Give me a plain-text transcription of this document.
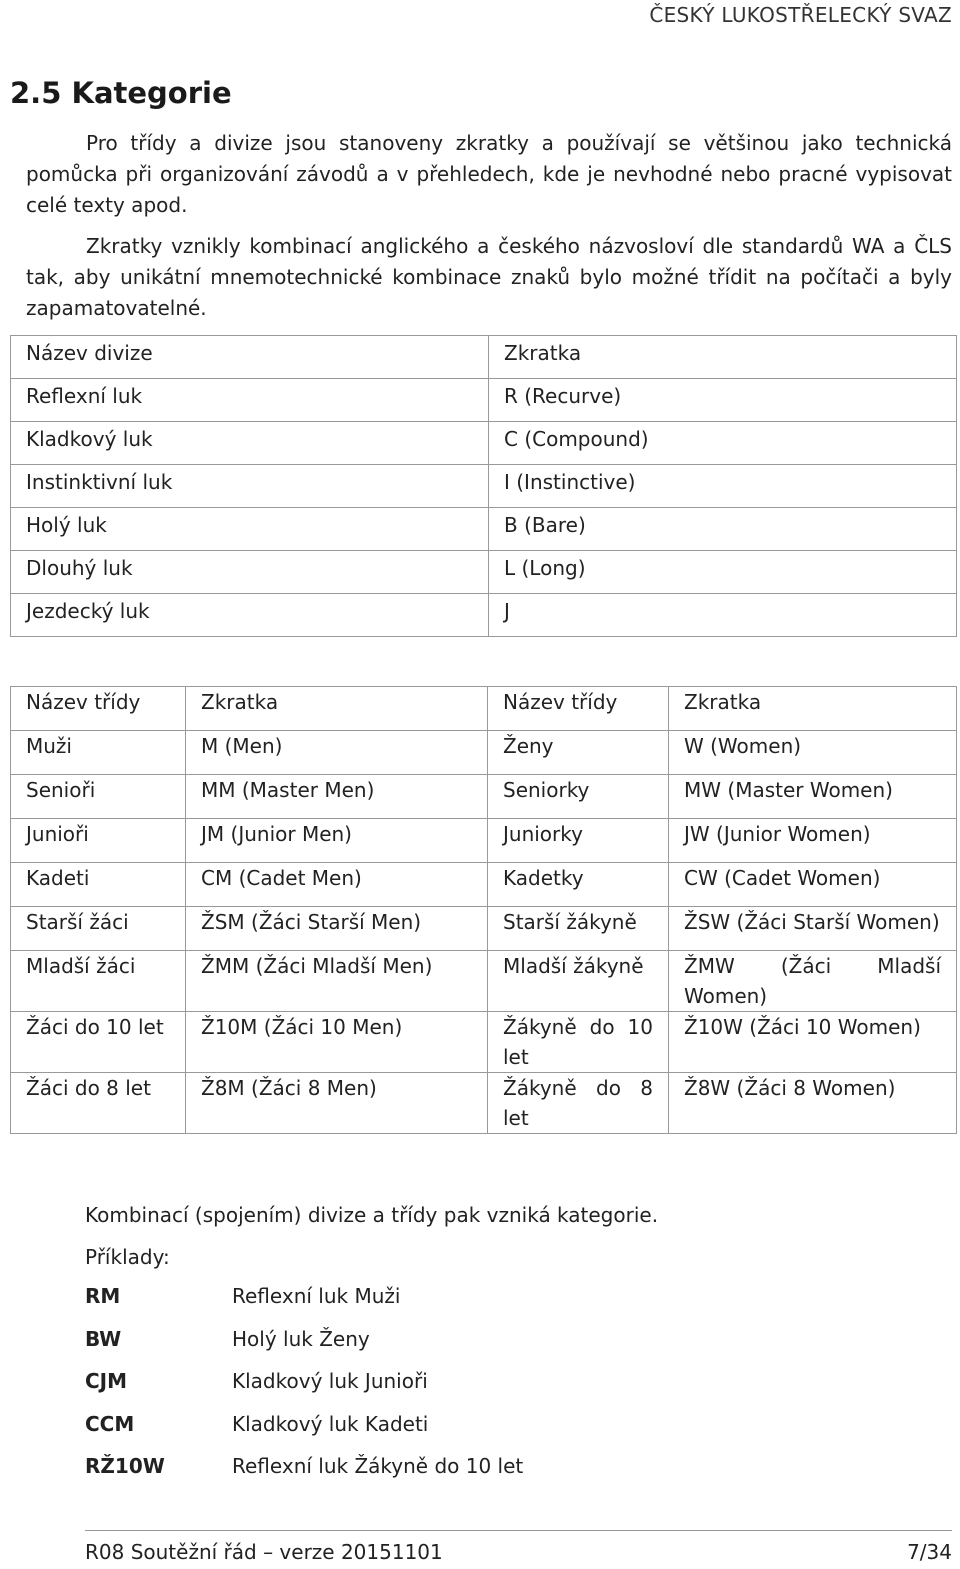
ČESKÝ LUKOSTŘELECKÝ SVAZ
2.5 Kategorie

Pro třídy a divize jsou stanoveny zkratky a používají se většinou jako technická pomůcka při organizování závodů a v přehledech, kde je nevhodné nebo pracné vypisovat celé texty apod.

Zkratky vznikly kombinací anglického a českého názvosloví dle standardů WA a ČLS tak, aby unikátní mnemotechnické kombinace znaků bylo možné třídit na počítači a byly zapamatovatelné.

Název divize	Zkratka
Reflexní luk	R (Recurve)
Kladkový luk	C (Compound)
Instinktivní luk	I (Instinctive)
Holý luk	B (Bare)
Dlouhý luk	L (Long)
Jezdecký luk	J
Název třídy	Zkratka	Název třídy	Zkratka
Muži	M (Men)	Ženy	W (Women)
Senioři	MM (Master Men)	Seniorky	MW (Master Women)
Junioři	JM (Junior Men)	Juniorky	JW (Junior Women)
Kadeti	CM (Cadet Men)	Kadetky	CW (Cadet Women)
Starší žáci	ŽSM (Žáci Starší Men)	Starší žákyně	ŽSW (Žáci Starší Women)
Mladší žáci	ŽMM (Žáci Mladší Men)	Mladší žákyně	ŽMW (Žáci Mladší Women)
Žáci do 10 let	Ž10M (Žáci 10 Men)	Žákyně do 10 let	Ž10W (Žáci 10 Women)
Žáci do 8 let	Ž8M (Žáci 8 Men)	Žákyně do 8 let	Ž8W (Žáci 8 Women)

Kombinací (spojením) divize a třídy pak vzniká kategorie.

Příklady:

RM	Reflexní luk Muži
BW	Holý luk Ženy
CJM	Kladkový luk Junioři
CCM	Kladkový luk Kadeti
RŽ10W	Reflexní luk Žákyně do 10 let
R08 Soutěžní řád – verze 20151101	7/34
